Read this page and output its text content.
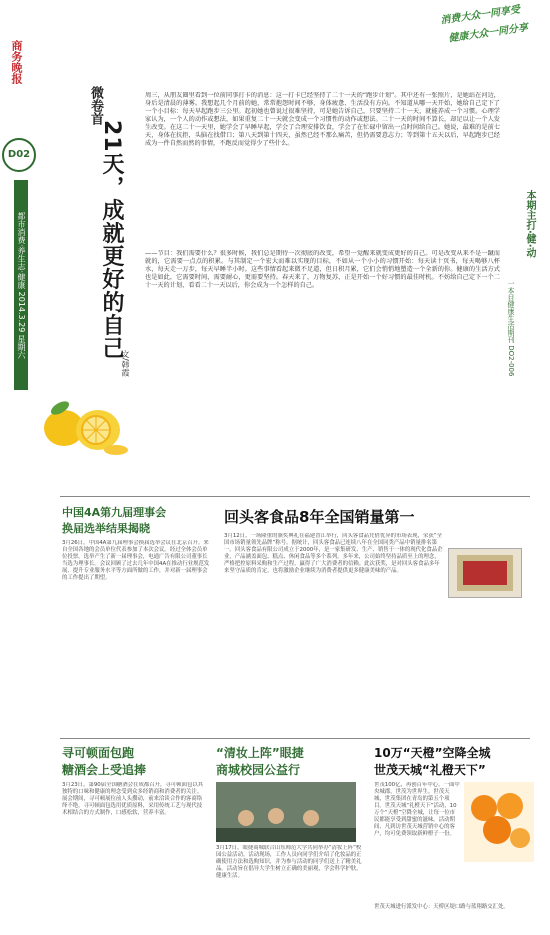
都市消费·养生志·健康 2014.3.29 星期六
D02
商务晚报
消费大众一同享受
健康大众一同分享
微卷首
21天，成就更好的自己
文/韩霞
周三，从朋友圈里看到一位前同事打卡的消息：这一打卡已经坚持了二十一天的“跑步计划”。其中还有一张照片，是她站在河边，身后是清晨的薄雾。我想起几个月前的她，常常抱怨时间不够、身体疲惫、生活没有方向。不知道从哪一天开始，她给自己定下了一个小目标：每天早起跑步三公里。起初她也曾说过很难坚持，可是她告诉自己，只要坚持二十一天，就能养成一个习惯。心理学家认为，一个人的动作或想法，如果重复二十一天就会变成一个习惯性的动作或想法。二十一天的时间不算长，却足以让一个人发生改变。在这二十一天里，她学会了早睡早起，学会了合理安排饮食，学会了在忙碌中留出一点时间给自己。她说，最难的是前七天，身体在抗拒，头脑在找借口；第八天到第十四天，虽然已经不那么痛苦，但仍需要意志力；等到第十五天以后，早起跑步已经成为一件自然而然的事情，不跑反而觉得少了些什么。
——节目：我们需要什么？很多时候，我们总是期待一次彻底的改变，希望一觉醒来就变成更好的自己。可是改变从来不是一蹴而就的，它需要一点点的积累。与其制定一个宏大而难以实现的目标，不如从一个小小的习惯开始：每天读十页书，每天喝够八杯水，每天走一万步，每天早睡半小时。这些事情看起来微不足道，但日积月累，它们会悄悄地塑造一个全新的你。健康的生活方式也是如此，它需要时间，需要耐心，更需要坚持。春天来了，万物复苏，正是开始一个好习惯的最佳时机。不妨给自己定下一个二十一天的计划，看看二十一天以后，你会成为一个怎样的自己。
本期主打·健·动
一本目健康生活期刊 DO2-006
中国4A第九届理事会
换届选举结果揭晓
3月26日，中国4A第九届理事会换届选举会议在北京召开。来自全国各地的会员单位代表参加了本次会议。经过全体会员单位投票，选举产生了新一届理事会，电通广告有限公司董事长当选为理事长。会议回顾了过去几年中国4A在推动行业规范发展、提升专业服务水平等方面所做的工作，并对新一届理事会的工作提出了期望。
回头客食品8年全国销量第一
3月12日，一场隆重的颁奖典礼在福建晋江举行，回头客食品凭借优异的市场表现，荣获“全国市场销量领先品牌”称号。据统计，回头客食品已连续八年在全国同类产品中销量排名第一。回头客食品有限公司成立于2000年，是一家集研发、生产、销售于一体的现代化食品企业，产品涵盖面包、糕点、休闲食品等多个系列。多年来，公司始终坚持品质至上的理念，严格把控原料采购和生产过程，赢得了广大消费者的信赖。此次获奖，是对回头客食品多年来坚守品质的肯定，也将激励企业继续为消费者提供更多健康美味的产品。
寻可顿面包跑
糖酒会上受追捧
3月23日，第90届全国糖酒会在成都召开，寻可顿面包以其独特的口味和健康的理念受到众多经销商和消费者的关注。展会期间，寻可顿展位前人头攒动，前来洽谈合作的客商络绎不绝。寻可顿面包选用优质原料，采用传统工艺与现代技术相结合的方式制作，口感松软，营养丰富。
“清妆上阵”眼捷
商城校园公益行
3月17日，眼捷商城联合山东师范大学共同举办“清妆上阵”校园公益活动。活动现场，工作人员向同学们介绍了化妆品的正确使用方法和选购知识，并为参与活动的同学们送上了精美礼品。活动旨在倡导大学生树立正确的美丽观，学会科学护肤，健康生活。
10万“天橙”空降全城
世茂天城“礼橙天下”
世茂100亿，再创百年中心。一面中央城郡，世茂为世界生。世茂天城，世茂集团在青岛的第五个项目。世茂天城“礼橙天下”活动，10万个“天橙”空降全城，让每一位市民都能享受到甜蜜的滋味。活动期间，凡到访世茂天城营销中心的客户，均可免费领取新鲜橙子一份。
世茂天城进行派发中心：天桥区堤口路与蓝翔路交汇处。
